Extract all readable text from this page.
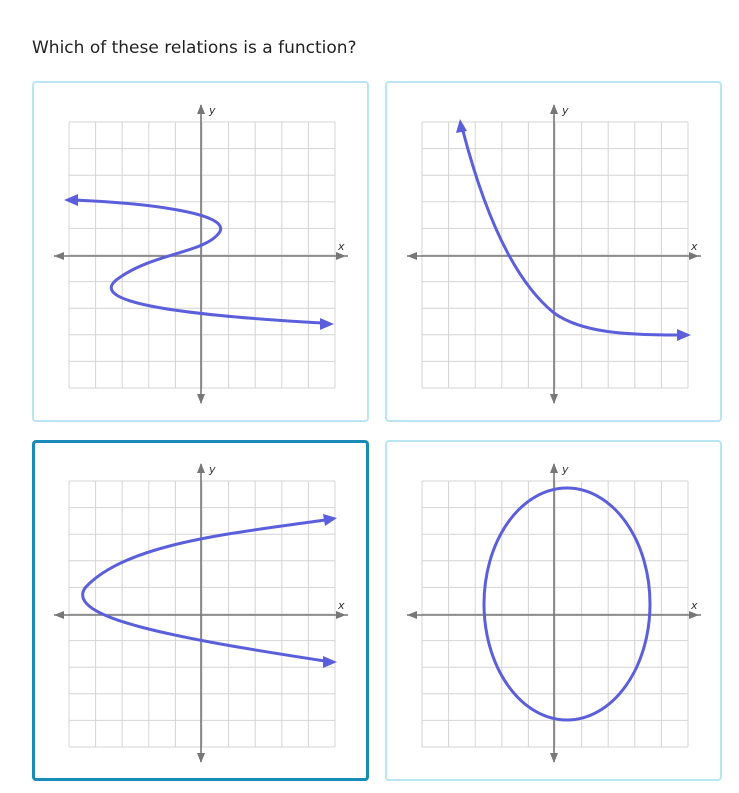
Which of these relations is a function?
x
y
x
y
x
y
x
y
